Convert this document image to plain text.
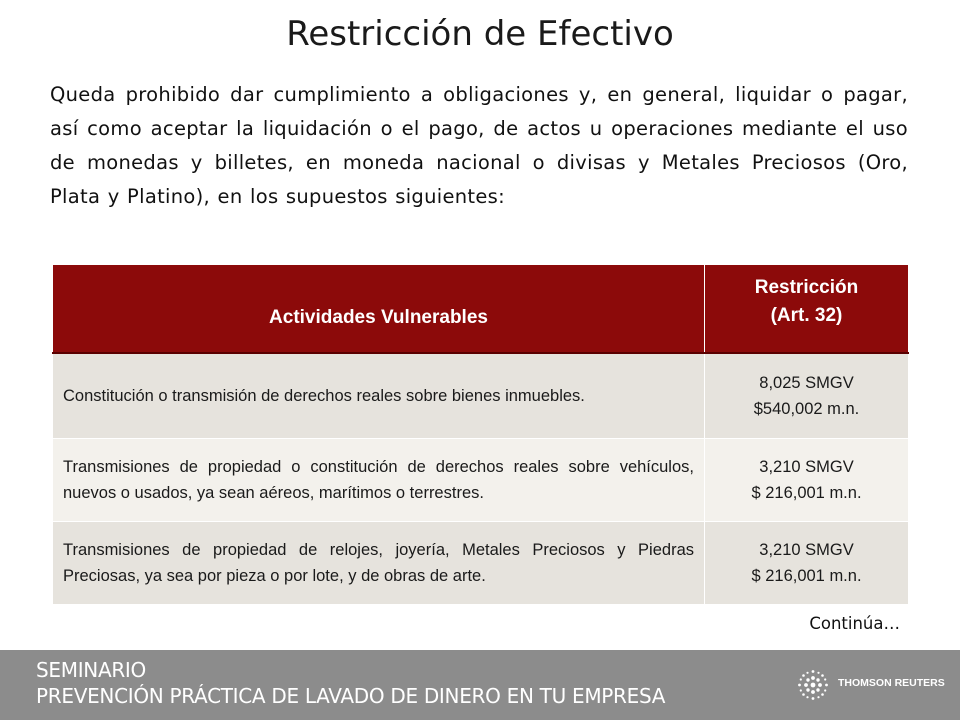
Restricción de Efectivo
Queda prohibido dar cumplimiento a obligaciones y, en general, liquidar o pagar, así como aceptar la liquidación o el pago, de actos u operaciones mediante el uso de monedas y billetes, en moneda nacional o divisas y Metales Preciosos (Oro, Plata y Platino), en los supuestos siguientes:
Actividades Vulnerables	Restricción
(Art. 32)
Constitución o transmisión de derechos reales sobre bienes inmuebles.	8,025 SMGV
$540,002 m.n.
Transmisiones de propiedad o constitución de derechos reales sobre vehículos, nuevos o usados, ya sean aéreos, marítimos o terrestres.	3,210 SMGV
$ 216,001 m.n.
Transmisiones de propiedad de relojes, joyería, Metales Preciosos y Piedras Preciosas, ya sea por pieza o por lote, y de obras de arte.	3,210 SMGV
$ 216,001 m.n.
Continúa…
SEMINARIO
PREVENCIÓN PRÁCTICA DE LAVADO DE DINERO EN TU EMPRESA
THOMSON REUTERS
